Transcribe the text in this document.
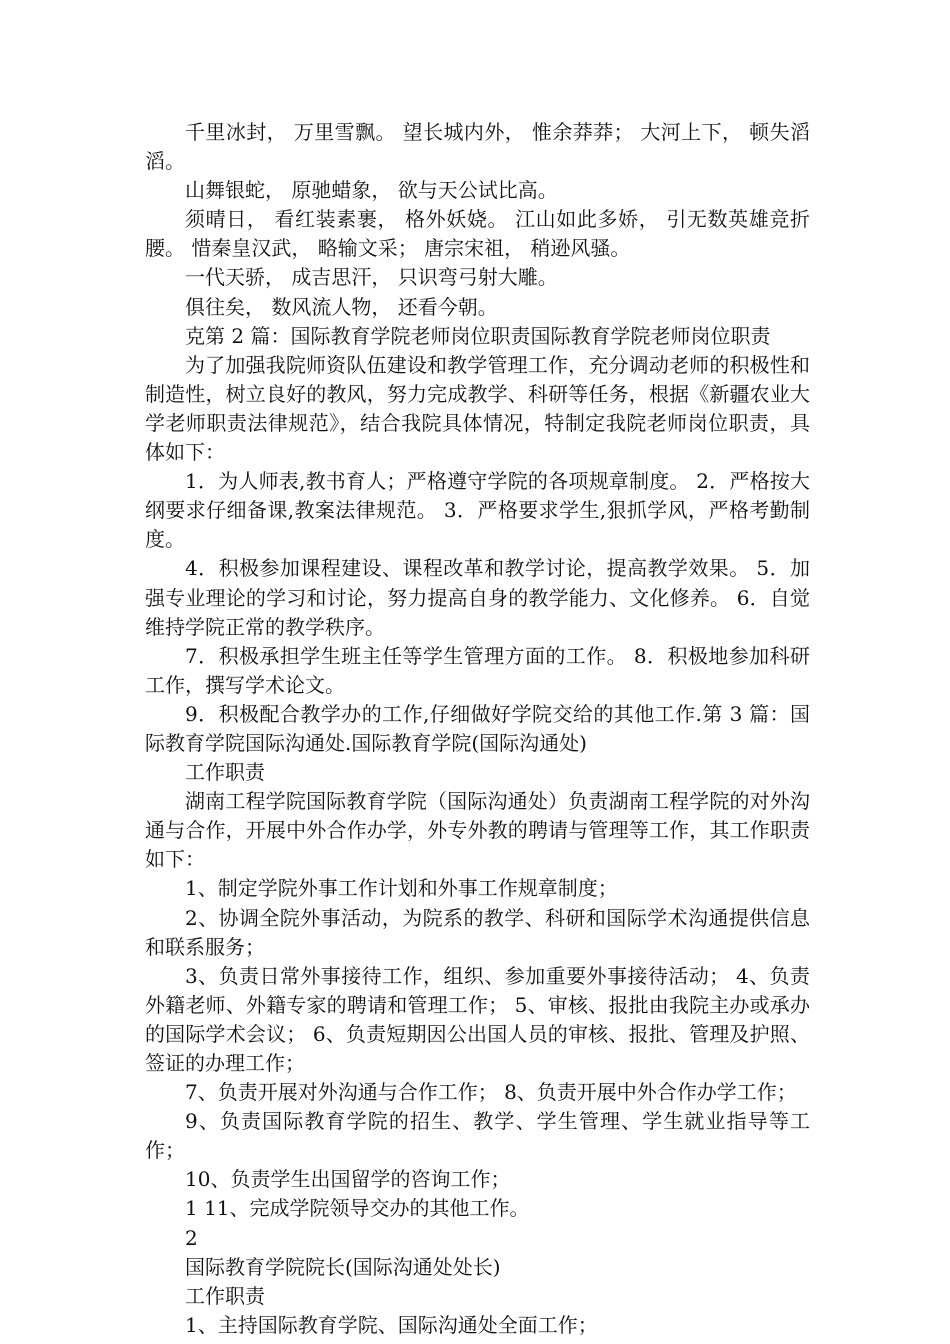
千里冰封， 万里雪飘。 望长城内外， 惟余莽莽； 大河上下， 顿失滔滔。

山舞银蛇， 原驰蜡象， 欲与天公试比高。

须晴日， 看红装素裹， 格外妖娆。 江山如此多娇， 引无数英雄竞折腰。 惜秦皇汉武， 略输文采； 唐宗宋祖， 稍逊风骚。

一代天骄， 成吉思汗， 只识弯弓射大雕。

俱往矣， 数风流人物， 还看今朝。

克第 2 篇：国际教育学院老师岗位职责国际教育学院老师岗位职责

为了加强我院师资队伍建设和教学管理工作，充分调动老师的积极性和制造性，树立良好的教风，努力完成教学、科研等任务，根据《新疆农业大学老师职责法律规范》，结合我院具体情况，特制定我院老师岗位职责，具体如下：

1．为人师表,教书育人；严格遵守学院的各项规章制度。 2．严格按大纲要求仔细备课,教案法律规范。 3．严格要求学生,狠抓学风，严格考勤制度。

4．积极参加课程建设、课程改革和教学讨论，提高教学效果。 5．加强专业理论的学习和讨论，努力提高自身的教学能力、文化修养。 6．自觉维持学院正常的教学秩序。

7．积极承担学生班主任等学生管理方面的工作。 8．积极地参加科研工作，撰写学术论文。

9．积极配合教学办的工作,仔细做好学院交给的其他工作.第 3 篇：国际教育学院国际沟通处.国际教育学院(国际沟通处)

工作职责

湖南工程学院国际教育学院（国际沟通处）负责湖南工程学院的对外沟通与合作，开展中外合作办学，外专外教的聘请与管理等工作，其工作职责如下：

1、制定学院外事工作计划和外事工作规章制度；

2、协调全院外事活动，为院系的教学、科研和国际学术沟通提供信息和联系服务；

3、负责日常外事接待工作，组织、参加重要外事接待活动； 4、负责外籍老师、外籍专家的聘请和管理工作； 5、审核、报批由我院主办或承办的国际学术会议； 6、负责短期因公出国人员的审核、报批、管理及护照、签证的办理工作；

7、负责开展对外沟通与合作工作； 8、负责开展中外合作办学工作；

9、负责国际教育学院的招生、教学、学生管理、学生就业指导等工作；

10、负责学生出国留学的咨询工作；

1 11、完成学院领导交办的其他工作。

2

国际教育学院院长(国际沟通处处长)

工作职责

1、主持国际教育学院、国际沟通处全面工作；
